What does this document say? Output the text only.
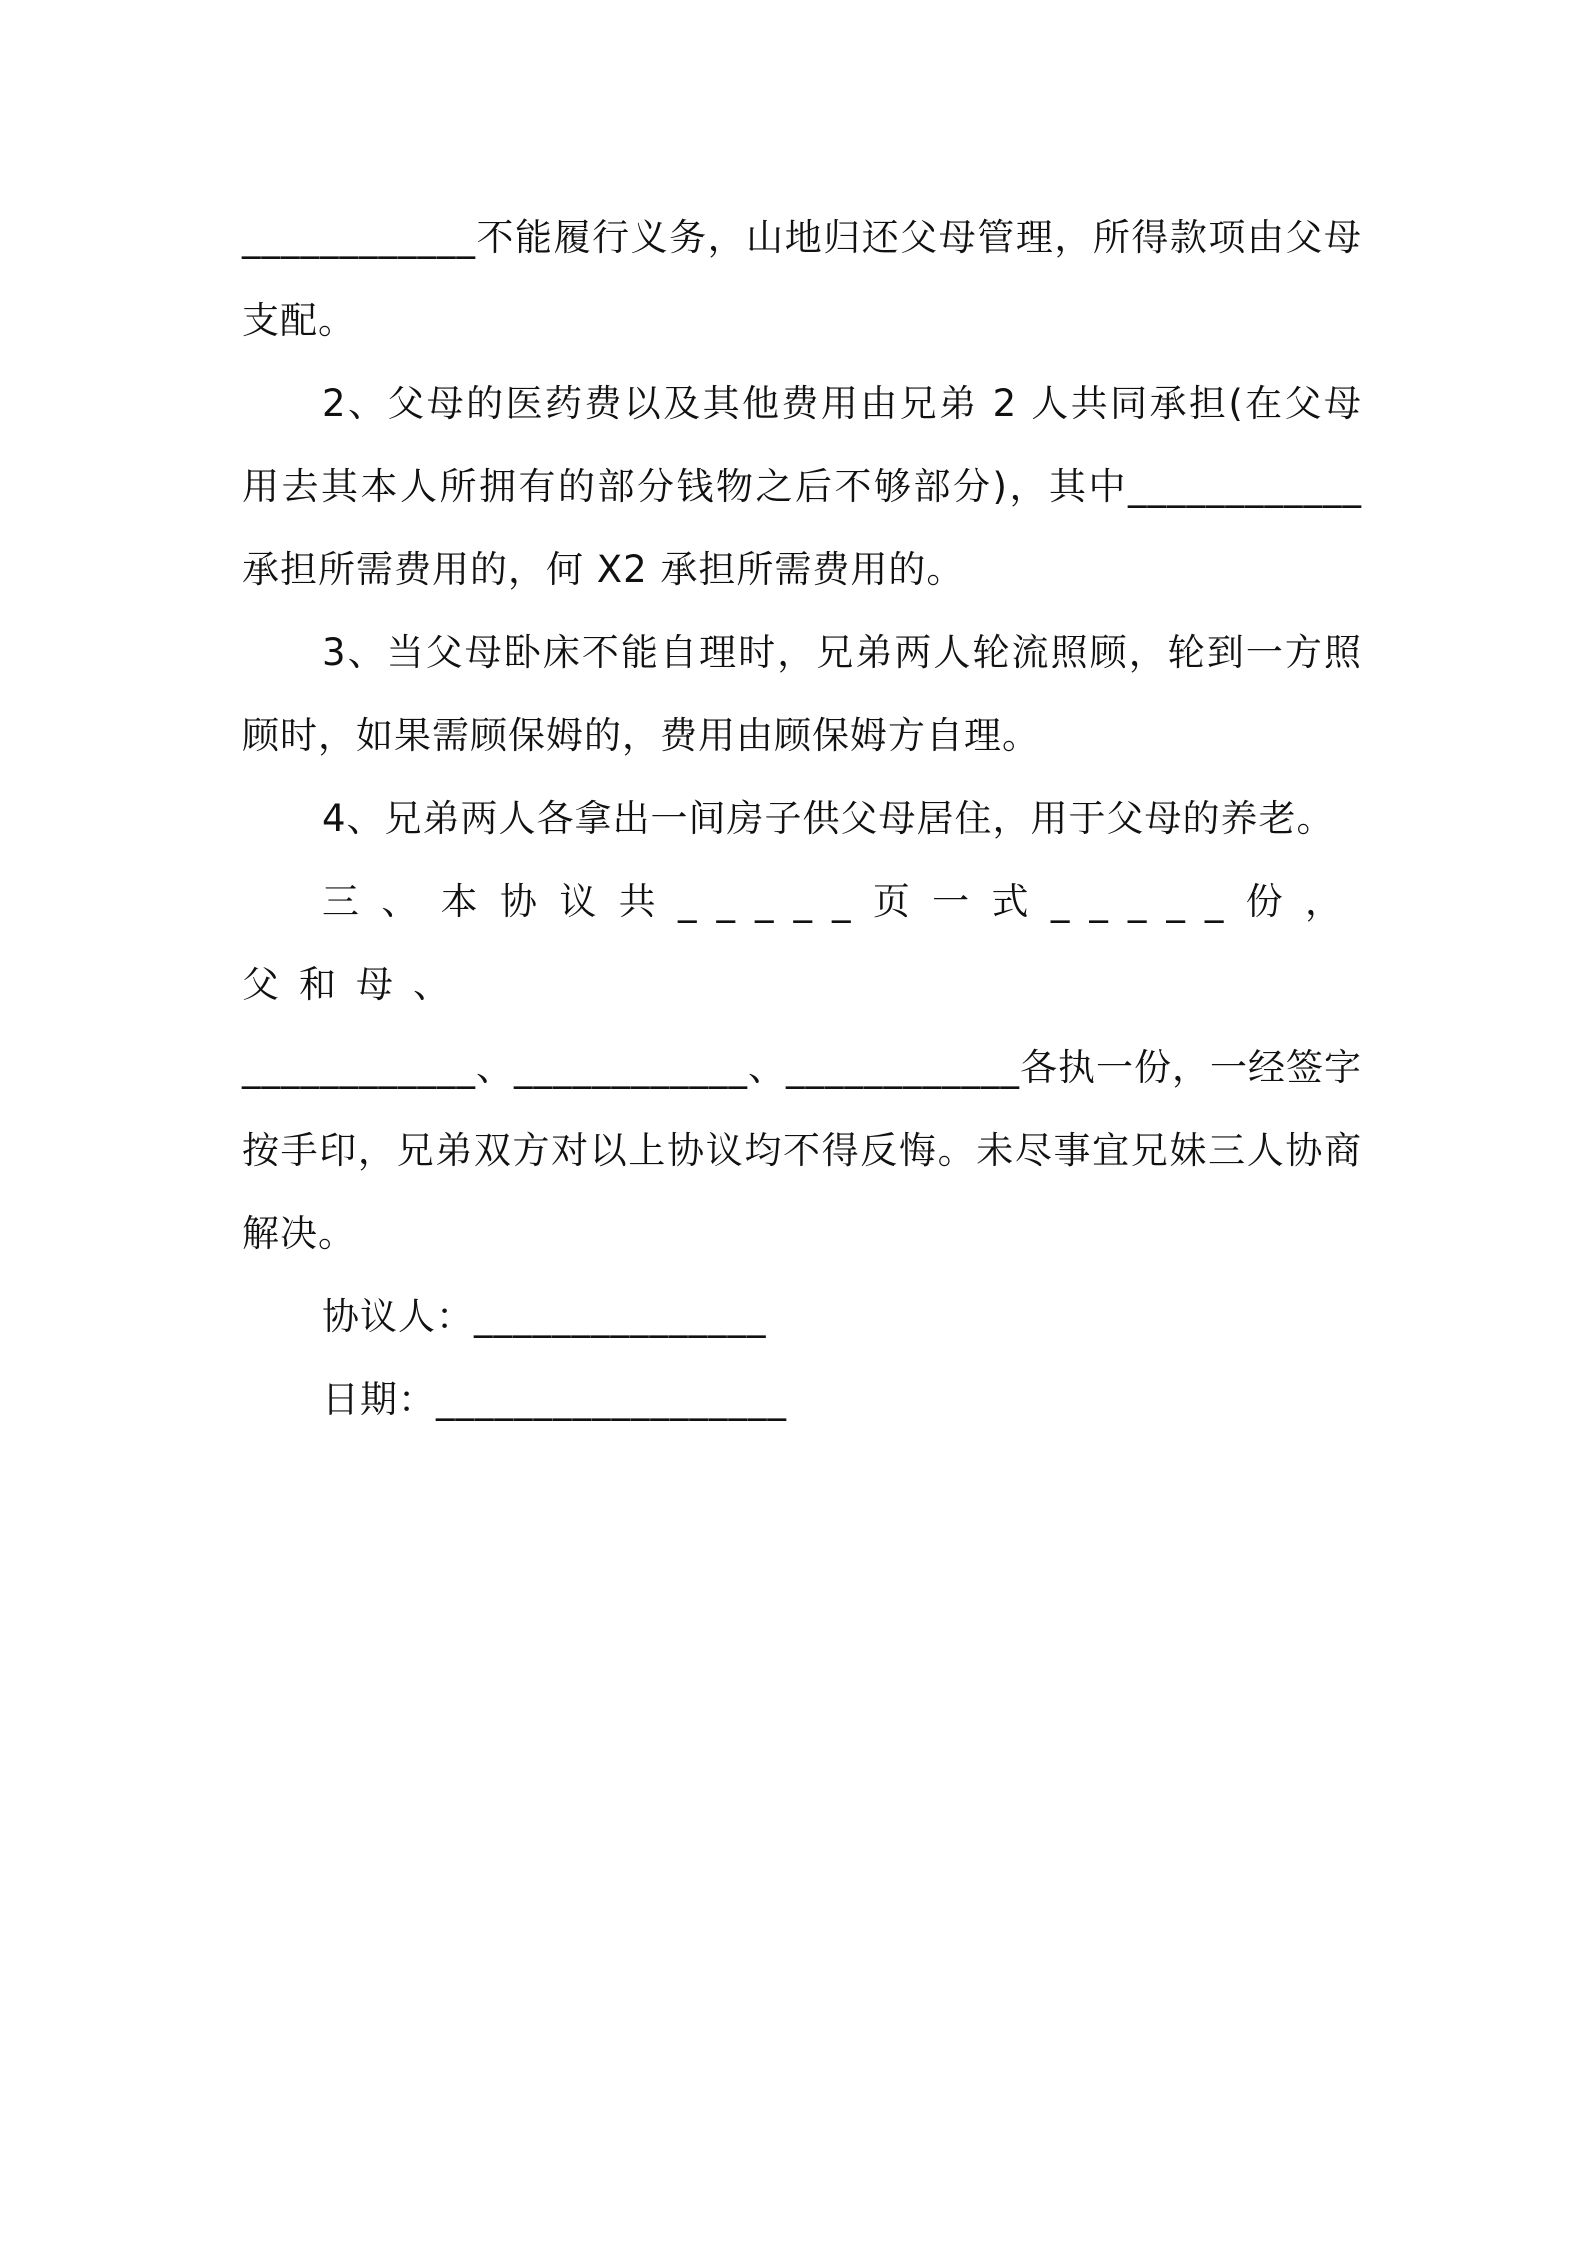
____________不能履行义务，山地归还父母管理，所得款项由父母支配。

2、父母的医药费以及其他费用由兄弟 2 人共同承担(在父母用去其本人所拥有的部分钱物之后不够部分)，其中____________承担所需费用的，何 X2 承担所需费用的。

3、当父母卧床不能自理时，兄弟两人轮流照顾，轮到一方照顾时，如果需顾保姆的，费用由顾保姆方自理。

4、兄弟两人各拿出一间房子供父母居住，用于父母的养老。

三、本协议共_____页一式_____份，父和母、

____________、____________、____________各执一份，一经签字按手印，兄弟双方对以上协议均不得反悔。未尽事宜兄妹三人协商解决。

协议人：_______________

日期：__________________
